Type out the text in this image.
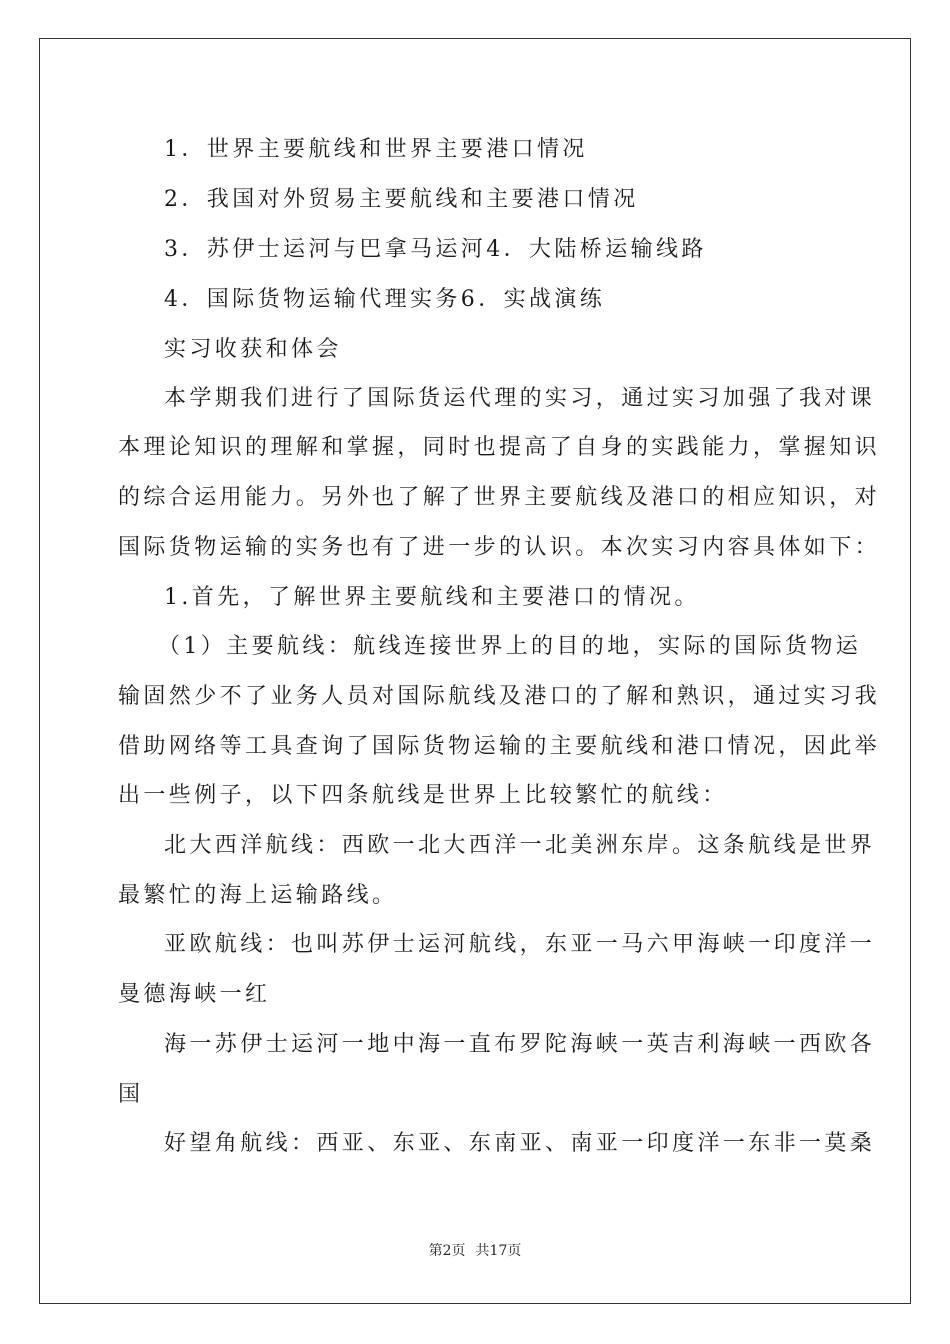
1．世界主要航线和世界主要港口情况
2．我国对外贸易主要航线和主要港口情况
3．苏伊士运河与巴拿马运河4．大陆桥运输线路
4．国际货物运输代理实务6．实战演练
实习收获和体会
本学期我们进行了国际货运代理的实习，通过实习加强了我对课
本理论知识的理解和掌握，同时也提高了自身的实践能力，掌握知识
的综合运用能力。另外也了解了世界主要航线及港口的相应知识，对
国际货物运输的实务也有了进一步的认识。本次实习内容具体如下：
1.首先，了解世界主要航线和主要港口的情况。
（1）主要航线：航线连接世界上的目的地，实际的国际货物运
输固然少不了业务人员对国际航线及港口的了解和熟识，通过实习我
借助网络等工具查询了国际货物运输的主要航线和港口情况，因此举
出一些例子，以下四条航线是世界上比较繁忙的航线：
北大西洋航线：西欧一北大西洋一北美洲东岸。这条航线是世界
最繁忙的海上运输路线。
亚欧航线：也叫苏伊士运河航线，东亚一马六甲海峡一印度洋一
曼德海峡一红
海一苏伊士运河一地中海一直布罗陀海峡一英吉利海峡一西欧各
国
好望角航线：西亚、东亚、东南亚、南亚一印度洋一东非一莫桑
第2页 共17页
